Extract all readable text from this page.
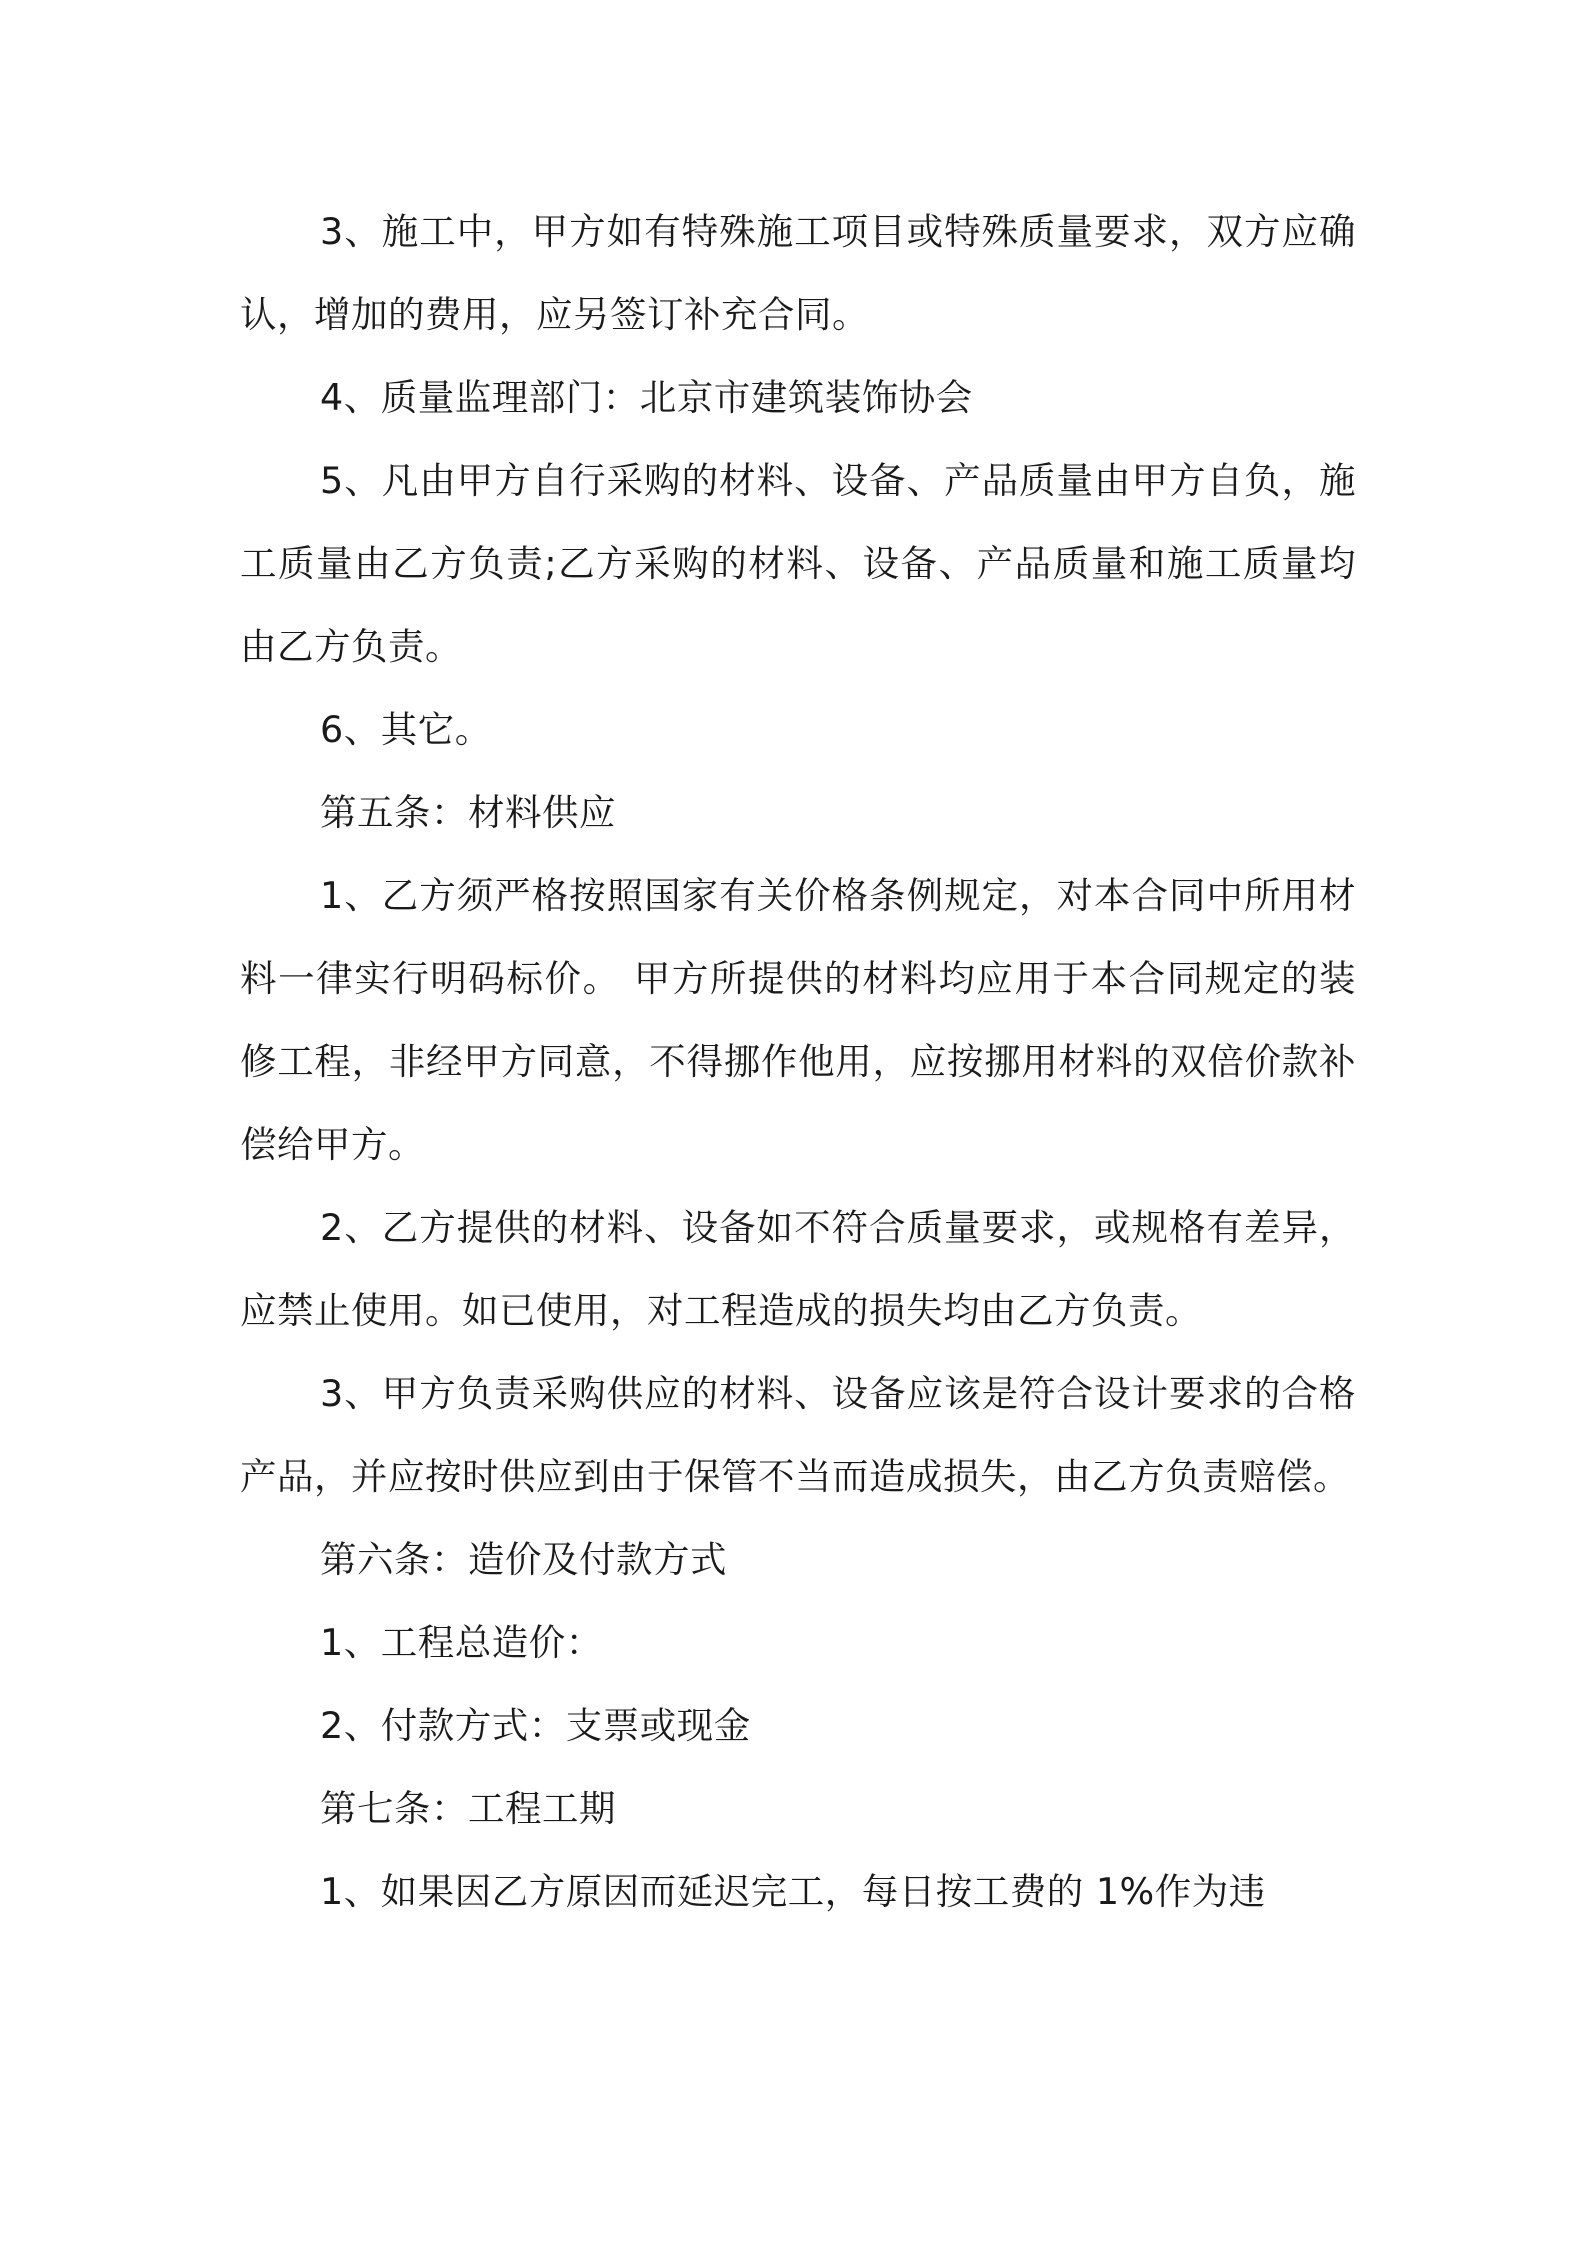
3、施工中，甲方如有特殊施工项目或特殊质量要求，双方应确认，增加的费用，应另签订补充合同。

4、质量监理部门：北京市建筑装饰协会

5、凡由甲方自行采购的材料、设备、产品质量由甲方自负，施工质量由乙方负责;乙方采购的材料、设备、产品质量和施工质量均由乙方负责。

6、其它。

第五条：材料供应

1、乙方须严格按照国家有关价格条例规定，对本合同中所用材料一律实行明码标价。 甲方所提供的材料均应用于本合同规定的装修工程，非经甲方同意，不得挪作他用，应按挪用材料的双倍价款补偿给甲方。

2、乙方提供的材料、设备如不符合质量要求，或规格有差异，应禁止使用。如已使用，对工程造成的损失均由乙方负责。

3、甲方负责采购供应的材料、设备应该是符合设计要求的合格产品，并应按时供应到由于保管不当而造成损失，由乙方负责赔偿。

第六条：造价及付款方式

1、工程总造价：

2、付款方式：支票或现金

第七条：工程工期

1、如果因乙方原因而延迟完工，每日按工费的 1%作为违
